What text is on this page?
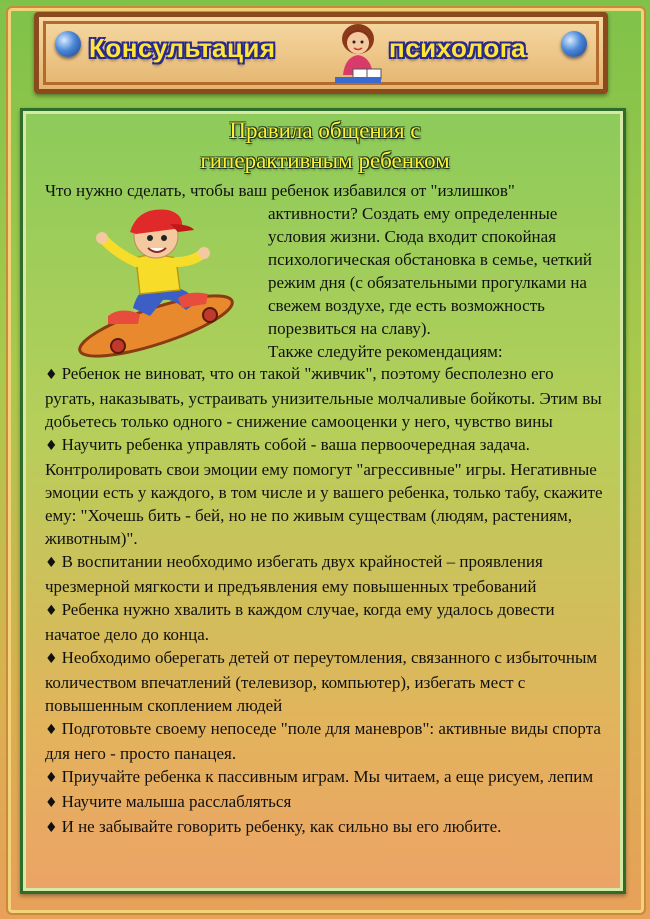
Консультация	психолога
Правила общения с
гиперактивным ребенком
Что нужно сделать, чтобы ваш ребенок избавился от "излишков"
активности? Создать ему определенные условия жизни. Сюда входит спокойная психологическая обстановка в семье, четкий режим дня (с обязательными прогулками на свежем воздухе, где есть возможность порезвиться на славу).
Также следуйте рекомендациям:
♦ Ребенок не виноват, что он такой "живчик", поэтому бесполезно его ругать, наказывать, устраивать унизительные молчаливые бойкоты. Этим вы добьетесь только одного - снижение самооценки у него, чувство вины
♦ Научить ребенка управлять собой - ваша первоочередная задача. Контролировать свои эмоции ему помогут "агрессивные" игры. Негативные эмоции есть у каждого, в том числе и у вашего ребенка, только табу, скажите ему: "Хочешь бить - бей, но не по живым существам (людям, растениям, животным)".
♦ В воспитании необходимо избегать двух крайностей – проявления чрезмерной мягкости и предъявления ему повышенных требований
♦ Ребенка нужно хвалить в каждом случае, когда ему удалось довести начатое дело до конца.
♦ Необходимо оберегать детей от переутомления, связанного с избыточным количеством впечатлений (телевизор, компьютер), избегать мест с повышенным скоплением людей
♦ Подготовьте своему непоседе "поле для маневров": активные виды спорта для него - просто панацея.
♦ Приучайте ребенка к пассивным играм. Мы читаем, а еще рисуем, лепим
♦ Научите малыша расслабляться
♦ И не забывайте говорить ребенку, как сильно вы его любите.
